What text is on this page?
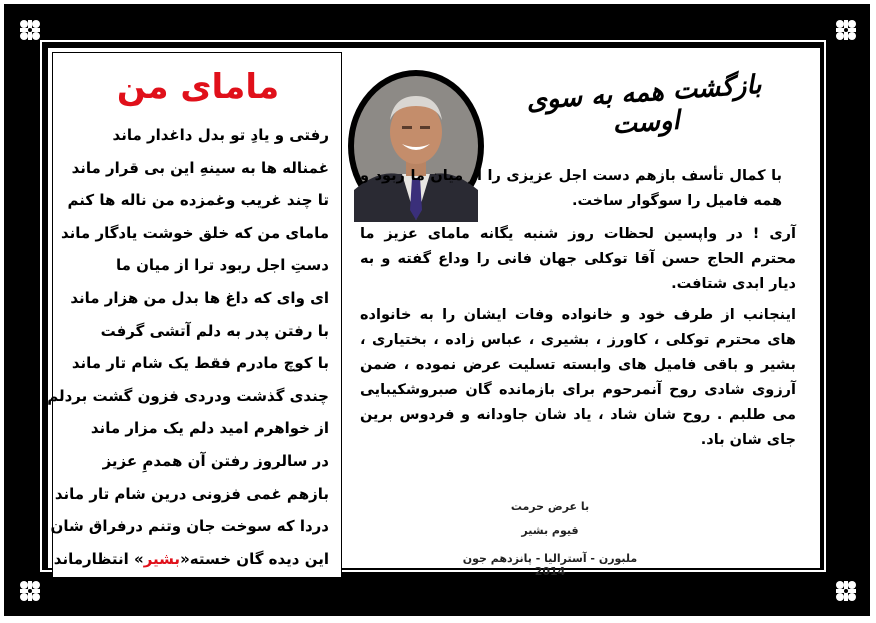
مامای من
رفتی و یادِ تو بدل داغدار ماند
غمناله ها به سینهِ این بی قرار ماند
تا چند غریب وغمزده من ناله ها کنم
مامای من که خلق خوشت یادگار ماند
دستِ اجل ربود ترا از میان ما
ای وای که داغ ها بدل من هزار ماند
با رفتن پدر به دلم آتشی گرفت
با کوچ مادرم فقط یک شام تار ماند
چندی گذشت ودردی فزون گشت بردلم
از خواهرم امید دلم یک مزار ماند
در سالروز رفتن آن همدمِ عزیز
بازهم غمی فزونی درین شام تار ماند
دردا که سوخت جان وتنم درفراق شان
این دیده گان خسته«بشیر» انتظارماند
بازگشت همه به سوی اوست

با کمال تأسف بازهم دست اجل عزیزی را از میان ما ربود و همه فامیل را سوگوار ساخت.

آری ! در واپسین لحظات روز شنبه یگانه مامای عزیز ما محترم الحاج حسن آقا توکلی جهان فانی را وداع گفته و به دیار ابدی شتافت.

اینجانب از طرف خود و خانواده وفات ایشان را به خانواده های محترم توکلی ، کاورز ، بشیری ، عباس زاده ، بختیاری ، بشیر و باقی فامیل های وابسته تسلیت عرض نموده ، ضمن آرزوی شادی روح آنمرحوم برای بازمانده گان صبروشکیبایی می طلبم . روح شان شاد ، یاد شان جاودانه و فردوس برین جای شان باد.

با عرض حرمت
قیوم بشیر
ملبورن - آسترالیا - پانزدهم جون 2014
